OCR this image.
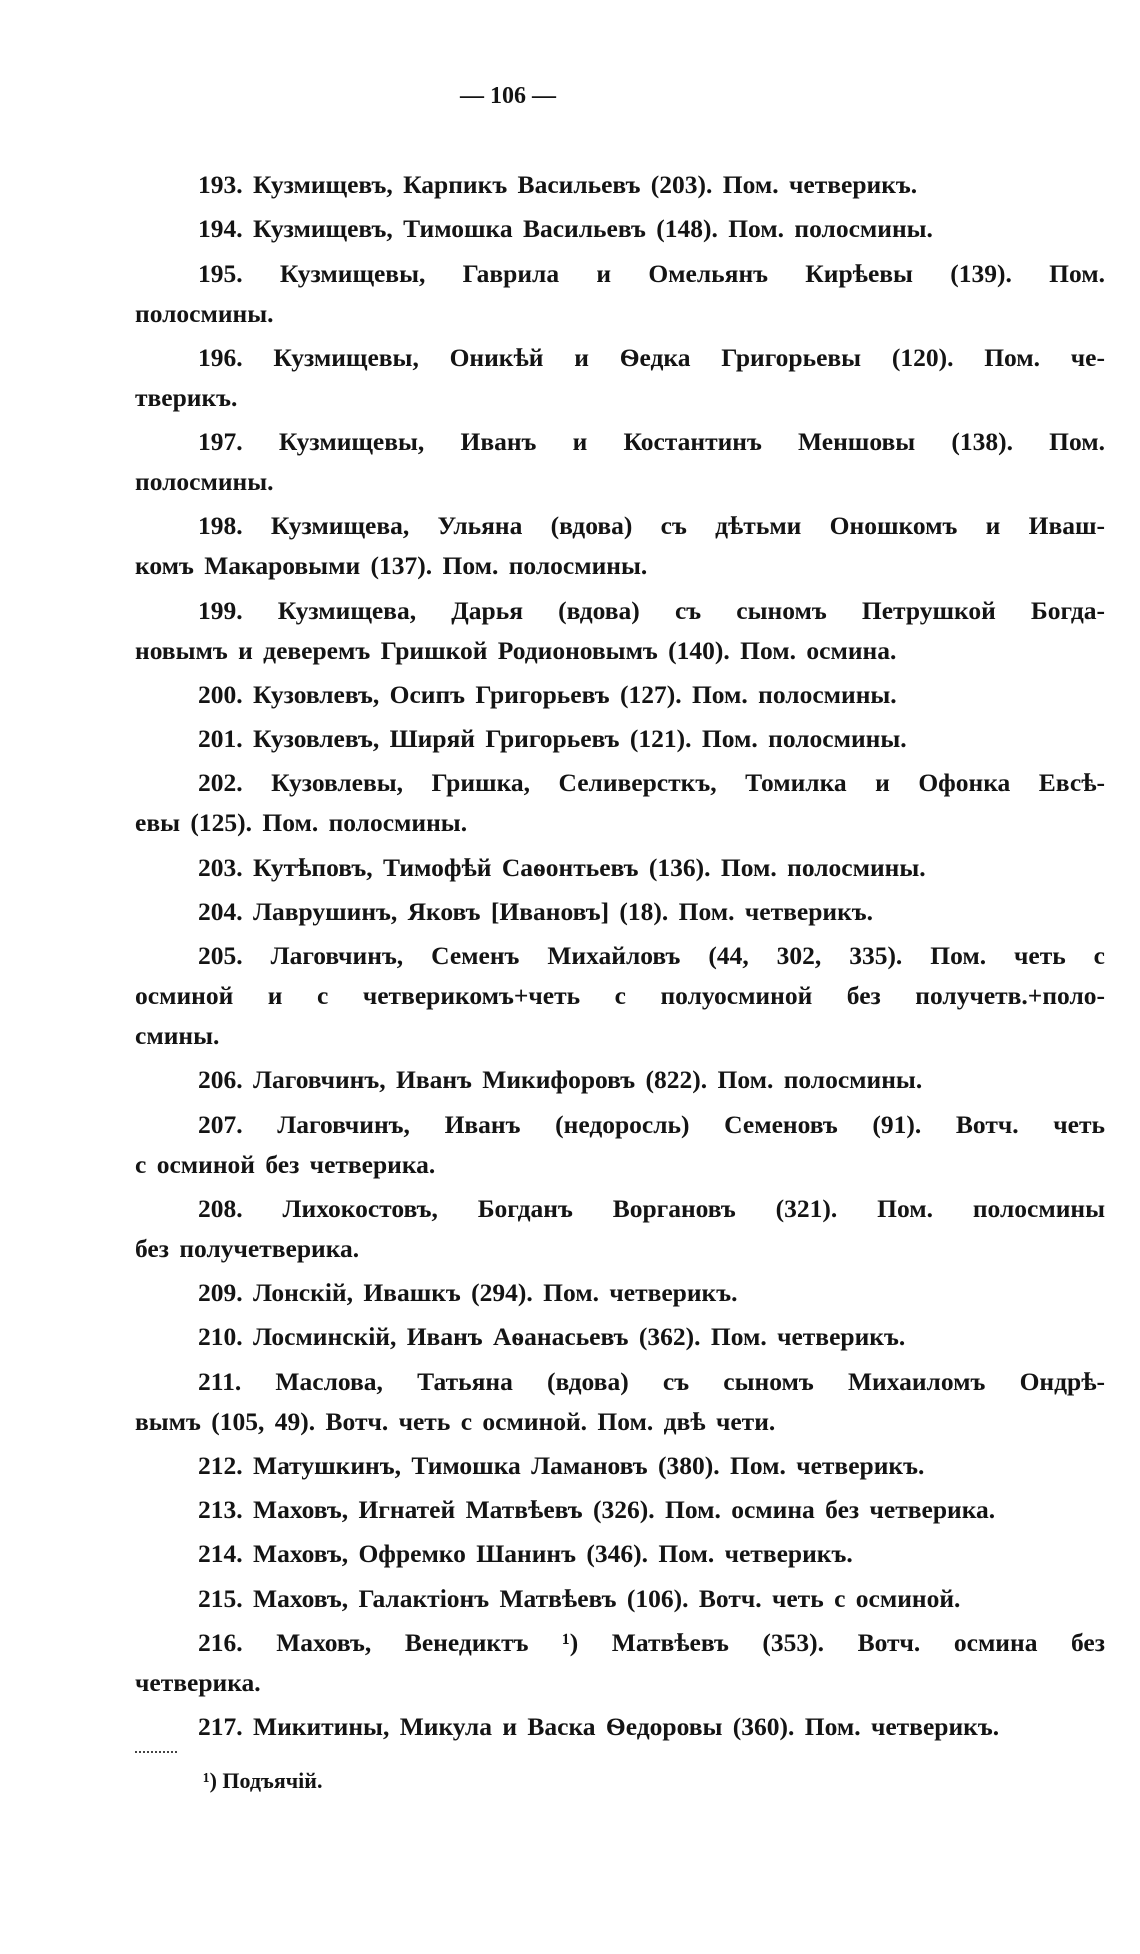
— 106 —
193. Кузмищевъ, Карпикъ Васильевъ (203). Пом. четверикъ.
194. Кузмищевъ, Тимошка Васильевъ (148). Пом. полосмины.
195. Кузмищевы, Гаврила и Омельянъ Кирѣевы (139). Пом.
полосмины.
196. Кузмищевы, Оникѣй и Ѳедка Григорьевы (120). Пом. че-
тверикъ.
197. Кузмищевы, Иванъ и Костантинъ Меншовы (138). Пом.
полосмины.
198. Кузмищева, Ульяна (вдова) съ дѣтьми Оношкомъ и Иваш-
комъ Макаровыми (137). Пом. полосмины.
199. Кузмищева, Дарья (вдова) съ сыномъ Петрушкой Богда-
новымъ и деверемъ Гришкой Родионовымъ (140). Пом. осмина.
200. Кузовлевъ, Осипъ Григорьевъ (127). Пом. полосмины.
201. Кузовлевъ, Ширяй Григорьевъ (121). Пом. полосмины.
202. Кузовлевы, Гришка, Селиверсткъ, Томилка и Офонка Евсѣ-
евы (125). Пом. полосмины.
203. Кутѣповъ, Тимофѣй Саѳонтьевъ (136). Пом. полосмины.
204. Лаврушинъ, Яковъ [Ивановъ] (18). Пом. четверикъ.
205. Лаговчинъ, Семенъ Михайловъ (44, 302, 335). Пом. четь с
осминой и с четверикомъ+четь с полуосминой без получетв.+поло-
смины.
206. Лаговчинъ, Иванъ Микифоровъ (822). Пом. полосмины.
207. Лаговчинъ, Иванъ (недоросль) Семеновъ (91). Вотч. четь
с осминой без четверика.
208. Лихокостовъ, Богданъ Воргановъ (321). Пом. полосмины
без получетверика.
209. Лонскій, Ивашкъ (294). Пом. четверикъ.
210. Лосминскій, Иванъ Аѳанасьевъ (362). Пом. четверикъ.
211. Маслова, Татьяна (вдова) съ сыномъ Михаиломъ Ондрѣ-
вымъ (105, 49). Вотч. четь с осминой. Пом. двѣ чети.
212. Матушкинъ, Тимошка Ламановъ (380). Пом. четверикъ.
213. Маховъ, Игнатей Матвѣевъ (326). Пом. осмина без четверика.
214. Маховъ, Офремко Шанинъ (346). Пом. четверикъ.
215. Маховъ, Галактіонъ Матвѣевъ (106). Вотч. четь с осминой.
216. Маховъ, Венедиктъ ¹) Матвѣевъ (353). Вотч. осмина без
четверика.
217. Микитины, Микула и Васка Ѳедоровы (360). Пом. четверикъ.
¹) Подъячій.
